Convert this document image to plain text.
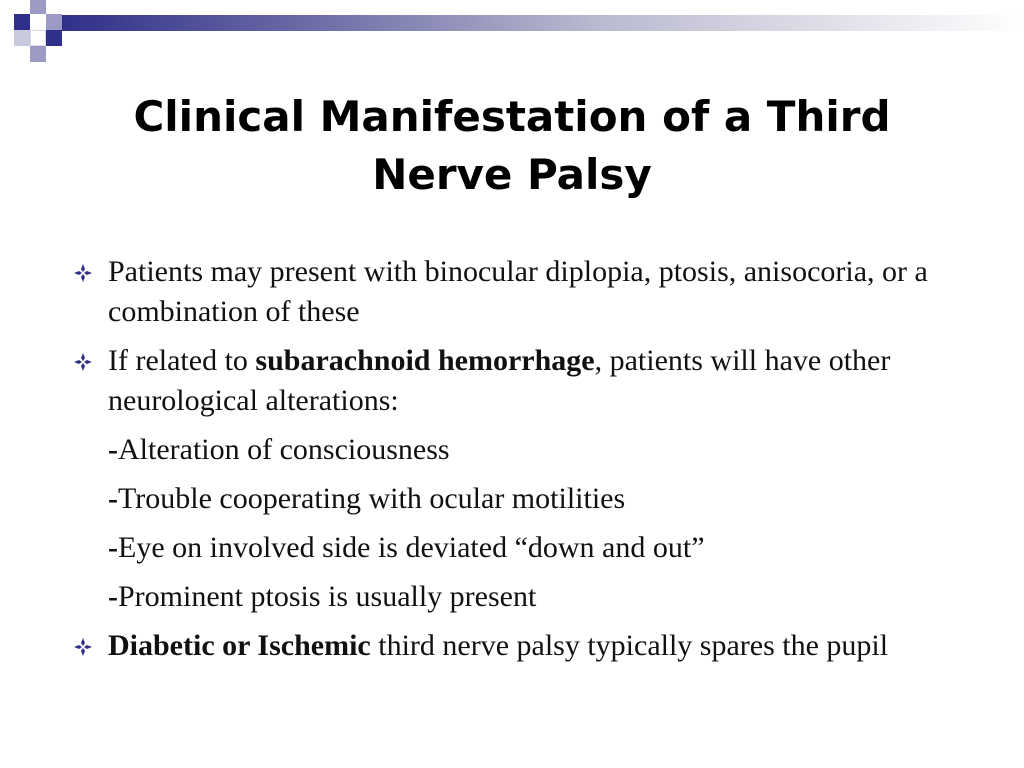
Clinical Manifestation of a Third
Nerve Palsy
Patients may present with binocular diplopia, ptosis, anisocoria, or a combination of these
If related to subarachnoid hemorrhage, patients will have other neurological alterations:
-Alteration of consciousness
-Trouble cooperating with ocular motilities
-Eye on involved side is deviated “down and out”
-Prominent ptosis is usually present
Diabetic or Ischemic third nerve palsy typically spares the pupil
